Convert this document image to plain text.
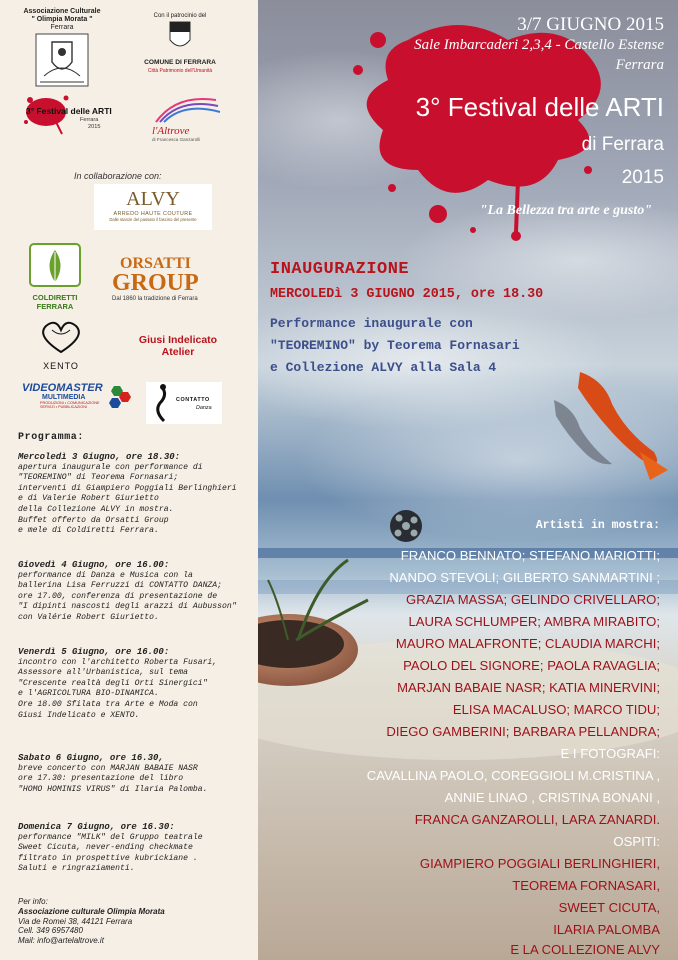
Associazione Culturale
" Olimpia Morata "
Ferrara
Con il patrocinio del
COMUNE DI FERRARA
Città Patrimonio dell'Umanità
3° Festival delle ARTI
Ferrara
2015	l'Altrove
di Francesca Ganzarolli
In collaborazione con:
ALVY
ARREDO HAUTE COUTURE
Dalle stanze del passato il fascino del presente
COLDIRETTI
FERRARA
ORSATTI
GROUP
Dal 1860 la tradizione di Ferrara
XENTO
Giusi Indelicato
Atelier
VIDEOMASTER
MULTIMEDIA
PRODUZIONI • COMUNICAZIONE
SERVIZI • PUBBLICAZIONI
CONTATTO
Danza
Programma:
Mercoledì 3 Giugno, ore 18.30:
apertura inaugurale con performance di
"TEOREMINO" di Teorema Fornasari;
interventi di Giampiero Poggiali Berlinghieri
e di Valerie Robert Giurietto
della Collezione ALVY in mostra.
Buffet offerto da Orsatti Group
e mele di Coldiretti Ferrara.
Giovedì 4 Giugno, ore 16.00:
performance di Danza e Musica con la
ballerina Lisa Ferruzzi di CONTATTO DANZA;
ore 17.00, conferenza di presentazione de
"I dipinti nascosti degli arazzi di Aubusson"
con Valérie Robert Giurietto.
Venerdì 5 Giugno, ore 16.00:
incontro con l'architetto Roberta Fusari,
Assessore all'Urbanistica, sul tema
"Crescente realtà degli Orti Sinergici"
e l'AGRICOLTURA BIO-DINAMICA.
Ore 18.00 Sfilata tra Arte e Moda con
Giusi Indelicato e XENTO.
Sabato 6 Giugno, ore 16.30,
breve concerto con MARJAN BABAIE NASR
ore 17.30: presentazione del libro
"HOMO HOMINIS VIRUS" di Ilaria Palomba.
Domenica 7 Giugno, ore 16.30:
performance "MILK" del Gruppo teatrale
Sweet Cicuta, never-ending checkmate
filtrato in prospettive kubrickiane .
Saluti e ringraziamenti.
Per info:
Associazione culturale Olimpia Morata
Via de Romei 38, 44121 Ferrara
Cell. 349 6957480
Mail: info@artelaltrove.it
3/7 GIUGNO 2015
Sale Imbarcaderi 2,3,4 - Castello Estense
Ferrara
3° Festival delle ARTI
di Ferrara
2015
"La Bellezza tra arte e gusto"
INAUGURAZIONE
MERCOLEDì 3 GIUGNO 2015, ore 18.30
Performance inaugurale con
"TEOREMINO" by Teorema Fornasari
e Collezione ALVY alla Sala 4
Artisti in mostra:
FRANCO BENNATO; STEFANO MARIOTTI;
NANDO STEVOLI; GILBERTO SANMARTINI ;
GRAZIA MASSA; GELINDO CRIVELLARO;
LAURA SCHLUMPER; AMBRA MIRABITO;
MAURO MALAFRONTE; CLAUDIA MARCHI;
PAOLO DEL SIGNORE; PAOLA RAVAGLIA;
MARJAN BABAIE NASR; KATIA MINERVINI;
ELISA MACALUSO; MARCO TIDU;
DIEGO GAMBERINI; BARBARA PELLANDRA;
E I FOTOGRAFI:
CAVALLINA PAOLO, COREGGIOLI M.CRISTINA ,
ANNIE LINAO , CRISTINA BONANI ,
FRANCA GANZAROLLI, LARA ZANARDI.
OSPITI:
GIAMPIERO POGGIALI BERLINGHIERI,
TEOREMA FORNASARI,
SWEET CICUTA,
ILARIA PALOMBA
E LA COLLEZIONE ALVY
